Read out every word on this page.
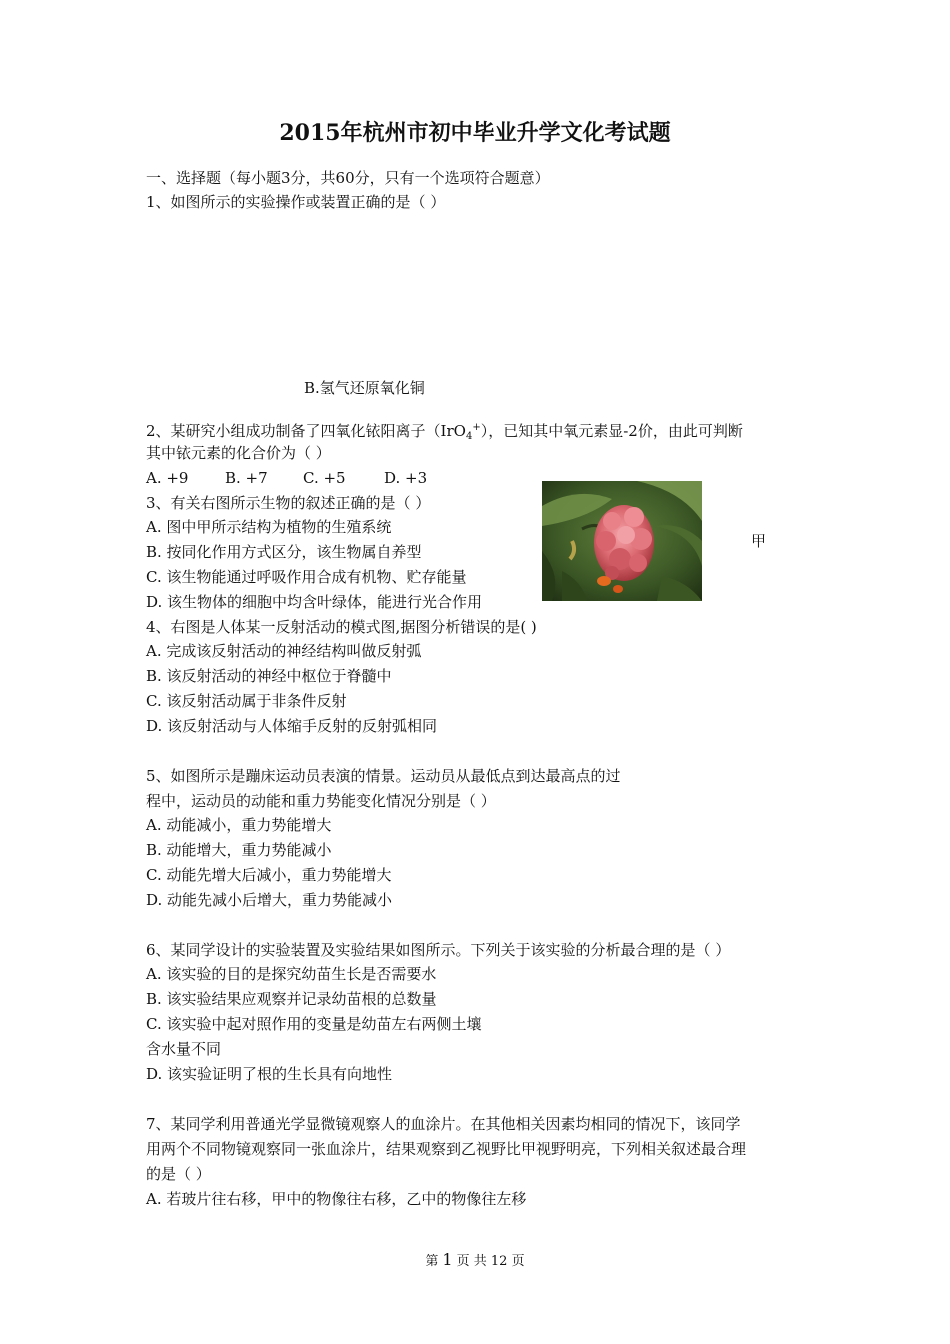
2015年杭州市初中毕业升学文化考试题
一、选择题（每小题3分，共60分，只有一个选项符合题意）
1、如图所示的实验操作或装置正确的是（ ）
B.氢气还原氧化铜
2、某研究小组成功制备了四氧化铱阳离子（IrO$_4$+），已知其中氧元素显-2价，由此可判断
其中铱元素的化合价为（ ）
A. +9 B. +7 C. +5	D. +3
3、有关右图所示生物的叙述正确的是（ ）
A. 图中甲所示结构为植物的生殖系统
B. 按同化作用方式区分，该生物属自养型
C. 该生物能通过呼吸作用合成有机物、贮存能量
D. 该生物体的细胞中均含叶绿体，能进行光合作用
甲
4、右图是人体某一反射活动的模式图,据图分析错误的是( )
A. 完成该反射活动的神经结构叫做反射弧
B. 该反射活动的神经中枢位于脊髓中
C. 该反射活动属于非条件反射
D. 该反射活动与人体缩手反射的反射弧相同
5、如图所示是蹦床运动员表演的情景。运动员从最低点到达最高点的过
程中，运动员的动能和重力势能变化情况分别是（ ）
A. 动能减小，重力势能增大
B. 动能增大，重力势能减小
C. 动能先增大后减小，重力势能增大
D. 动能先减小后增大，重力势能减小
6、某同学设计的实验装置及实验结果如图所示。下列关于该实验的分析最合理的是（ ）
A. 该实验的目的是探究幼苗生长是否需要水
B. 该实验结果应观察并记录幼苗根的总数量
C. 该实验中起对照作用的变量是幼苗左右两侧土壤
含水量不同
D. 该实验证明了根的生长具有向地性
7、某同学利用普通光学显微镜观察人的血涂片。在其他相关因素均相同的情况下，该同学
用两个不同物镜观察同一张血涂片，结果观察到乙视野比甲视野明亮，下列相关叙述最合理
的是（ ）
A. 若玻片往右移，甲中的物像往右移，乙中的物像往左移
第 1 页 共 12 页
